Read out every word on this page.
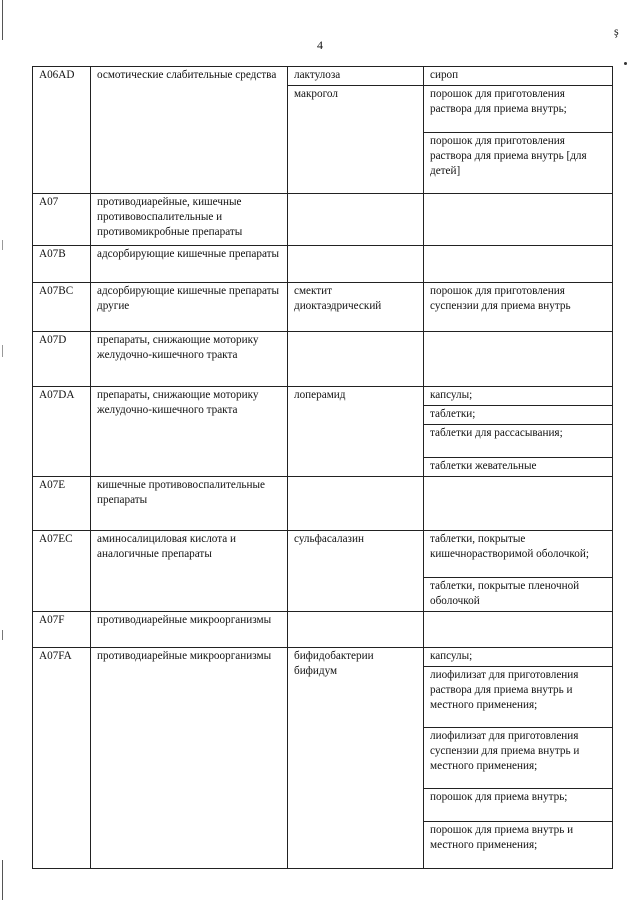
4
ş
A06AD	осмотические слабительные средства	лактулоза	сироп
		макрогол	порошок для приготовления раствора для приема внутрь;
			порошок для приготовления раствора для приема внутрь [для детей]
A07	противодиарейные, кишечные противовоспалительные и противомикробные препараты		
A07B	адсорбирующие кишечные препараты		
A07BC	адсорбирующие кишечные препараты другие	смектит диоктаэдрический	порошок для приготовления суспензии для приема внутрь
A07D	препараты, снижающие моторику желудочно-кишечного тракта		
A07DA	препараты, снижающие моторику желудочно-кишечного тракта	лоперамид	капсулы;
			таблетки;
			таблетки для рассасывания;
			таблетки жевательные
A07E	кишечные противовоспалительные препараты		
A07EC	аминосалициловая кислота и аналогичные препараты	сульфасалазин	таблетки, покрытые кишечнорастворимой оболочкой;
			таблетки, покрытые пленочной оболочкой
A07F	противодиарейные микроорганизмы		
A07FA	противодиарейные микроорганизмы	бифидобактерии бифидум	капсулы;
			лиофилизат для приготовления раствора для приема внутрь и местного применения;
			лиофилизат для приготовления суспензии для приема внутрь и местного применения;
			порошок для приема внутрь;
			порошок для приема внутрь и местного применения;
